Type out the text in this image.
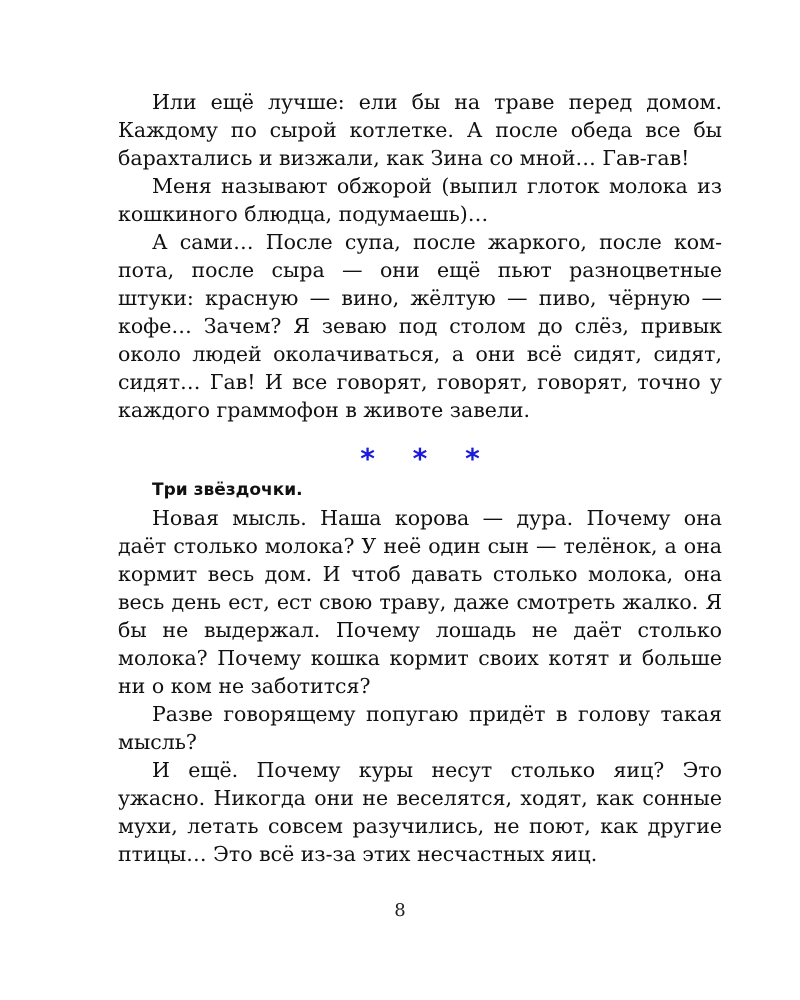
Или ещё лучше: ели бы на траве перед домом. Каждому по сырой котлетке. А после обеда все бы барахтались и визжали, как Зина со мной… Гав-гав!

Меня называют обжорой (выпил глоток молока из кошкиного блюдца, подумаешь)…

А сами… После супа, после жаркого, после компота, после сыра — они ещё пьют разноцветные штуки: красную — вино, жёлтую — пиво, чёрную — кофе… Зачем? Я зеваю под столом до слёз, привык около людей околачиваться, а они всё сидят, сидят, сидят… Гав! И все говорят, говорят, говорят, точно у каждого граммофон в животе завели.

* * *

Три звёздочки.

Новая мысль. Наша корова — дура. Почему она даёт столько молока? У неё один сын — телёнок, а она кормит весь дом. И чтоб давать столько молока, она весь день ест, ест свою траву, даже смотреть жалко. Я бы не выдержал. Почему лошадь не даёт столько молока? Почему кошка кормит своих котят и больше ни о ком не заботится?

Разве говорящему попугаю придёт в голову такая мысль?

И ещё. Почему куры несут столько яиц? Это ужасно. Никогда они не веселятся, ходят, как сонные мухи, летать совсем разучились, не поют, как другие птицы… Это всё из-за этих несчастных яиц.

8
